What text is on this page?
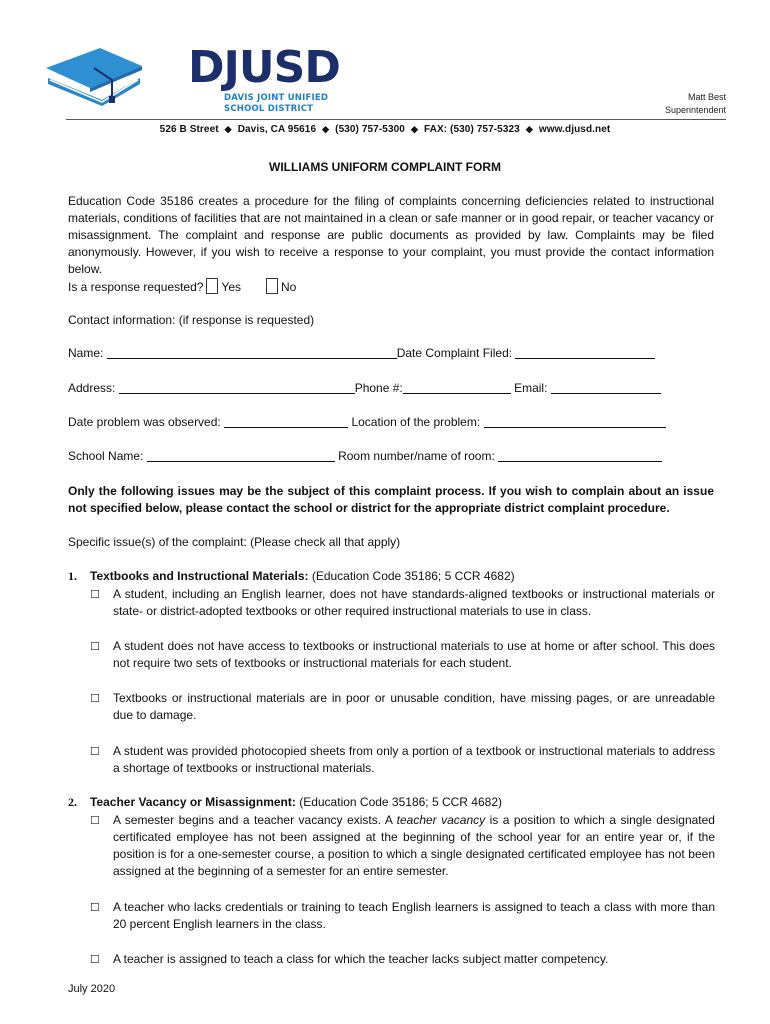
DJUSD
DAVIS JOINT UNIFIED
SCHOOL DISTRICT
Matt Best
Superintendent
526 B Street ◆ Davis, CA 95616 ◆ (530) 757-5300 ◆ FAX: (530) 757-5323 ◆ www.djusd.net
WILLIAMS UNIFORM COMPLAINT FORM
Education Code 35186 creates a procedure for the filing of complaints concerning deficiencies related to instructional materials, conditions of facilities that are not maintained in a clean or safe manner or in good repair, or teacher vacancy or misassignment. The complaint and response are public documents as provided by law. Complaints may be filed anonymously. However, if you wish to receive a response to your complaint, you must provide the contact information below.
Is a response requested? Yes	No
Contact information: (if response is requested)
Name:	Date Complaint Filed:
Address:	Phone #:	Email:
Date problem was observed:	Location of the problem:
School Name:	Room number/name of room:
Only the following issues may be the subject of this complaint process. If you wish to complain about an issue not specified below, please contact the school or district for the appropriate district complaint procedure.
Specific issue(s) of the complaint: (Please check all that apply)
1. Textbooks and Instructional Materials: (Education Code 35186; 5 CCR 4682)
☐ A student, including an English learner, does not have standards-aligned textbooks or instructional materials or state- or district-adopted textbooks or other required instructional materials to use in class.
☐ A student does not have access to textbooks or instructional materials to use at home or after school. This does not require two sets of textbooks or instructional materials for each student.
☐ Textbooks or instructional materials are in poor or unusable condition, have missing pages, or are unreadable due to damage.
☐ A student was provided photocopied sheets from only a portion of a textbook or instructional materials to address a shortage of textbooks or instructional materials.
2. Teacher Vacancy or Misassignment: (Education Code 35186; 5 CCR 4682)
☐ A semester begins and a teacher vacancy exists. A teacher vacancy is a position to which a single designated certificated employee has not been assigned at the beginning of the school year for an entire year or, if the position is for a one-semester course, a position to which a single designated certificated employee has not been assigned at the beginning of a semester for an entire semester.
☐ A teacher who lacks credentials or training to teach English learners is assigned to teach a class with more than 20 percent English learners in the class.
☐ A teacher is assigned to teach a class for which the teacher lacks subject matter competency.
July 2020
